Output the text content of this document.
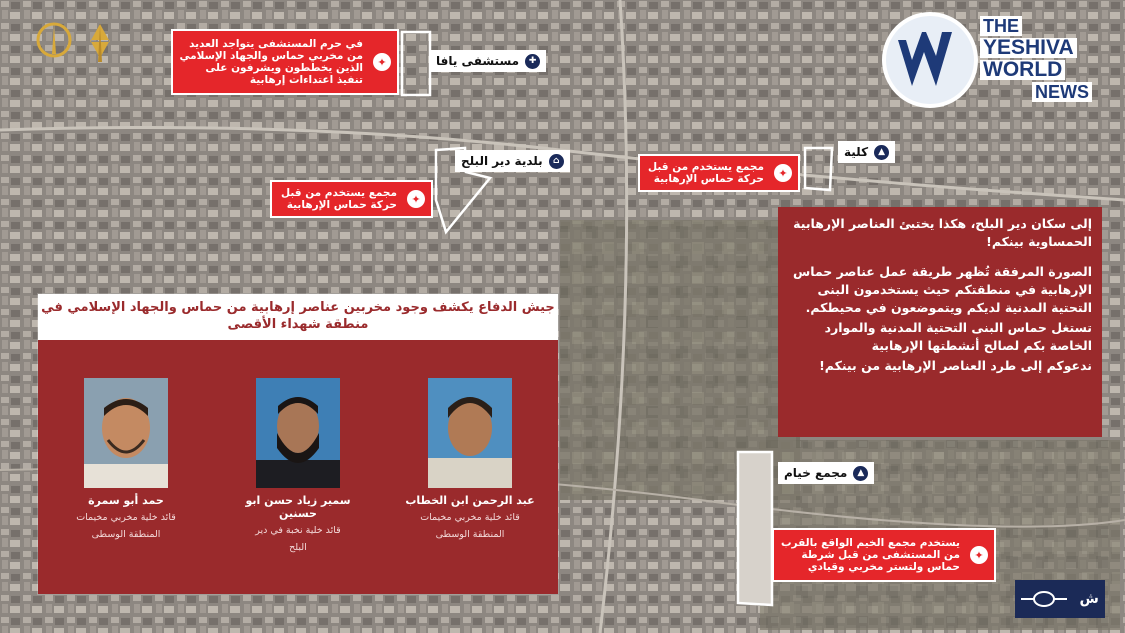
✚
مستشفى يافا
⌂
بلدية دير البلح
▲
كلية
▲
مجمع خيام
✦
في حرم المستشفى يتواجد العديد من مخربي حماس والجهاد الإسلامي الذين يخططون ويشرفون على تنفيذ اعتداءات إرهابية
✦
مجمع يستخدم من قبل حركة حماس الإرهابية
✦
مجمع يستخدم من قبل حركة حماس الإرهابية
✦
يستخدم مجمع الخيم الواقع بالقرب من المستشفى من قبل شرطة حماس ولتستر مخربي وقيادي
جيش الدفاع يكشف وجود مخربين عناصر إرهابية من حماس والجهاد الإسلامي في
منطقة شهداء الأقصى
عبد الرحمن ابن الخطاب
قائد خلية مخربي مخيمات
المنطقة الوسطى
سمير زياد حسن ابو حسنين
قائد خلية نخبة في دير
البلح
حمد أبو سمرة
قائد خلية مخربي مخيمات
المنطقة الوسطى

إلى سكان دير البلح، هكذا يختبئ العناصر الإرهابية الحمساوية بينكم!

الصورة المرفقة تُظهر طريقة عمل عناصر حماس الإرهابية في منطقتكم حيث يستخدمون البنى التحتية المدنية لديكم ويتموضعون في محيطكم.

تستغل حماس البنى التحتية المدنية والموارد الخاصة بكم لصالح أنشطتها الإرهابية

ندعوكم إلى طرد العناصر الإرهابية من بينكم!

THE
YESHIVA
WORLD
NEWS
ش
